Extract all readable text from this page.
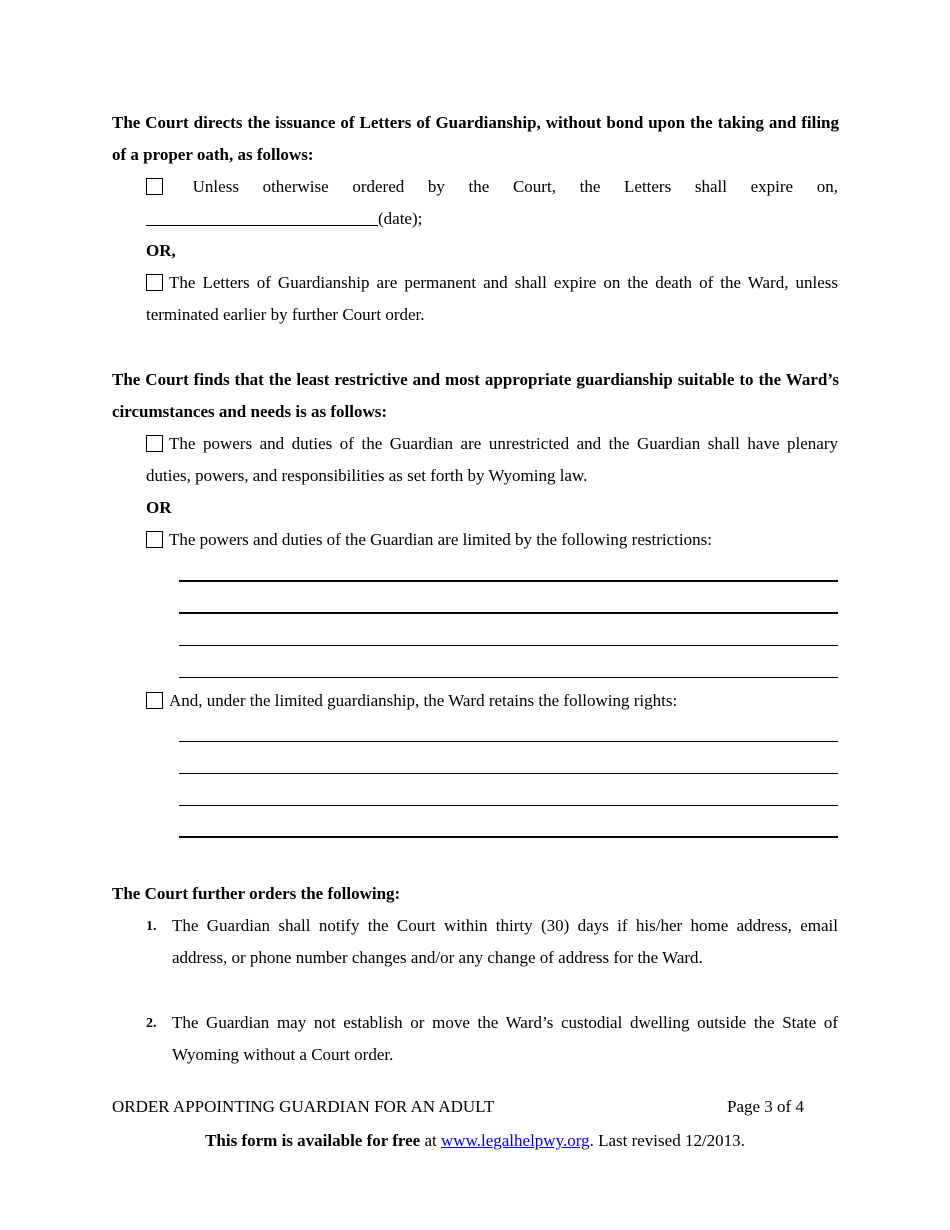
The Court directs the issuance of Letters of Guardianship, without bond upon the taking and filing of a proper oath, as follows:
Unless otherwise ordered by the Court, the Letters shall expire on,
(date);
OR,
The Letters of Guardianship are permanent and shall expire on the death of the Ward, unless terminated earlier by further Court order.
The Court finds that the least restrictive and most appropriate guardianship suitable to the Ward’s circumstances and needs is as follows:
The powers and duties of the Guardian are unrestricted and the Guardian shall have plenary duties, powers, and responsibilities as set forth by Wyoming law.
OR
The powers and duties of the Guardian are limited by the following restrictions:
And, under the limited guardianship, the Ward retains the following rights:
The Court further orders the following:
1. The Guardian shall notify the Court within thirty (30) days if his/her home address, email address, or phone number changes and/or any change of address for the Ward.
2. The Guardian may not establish or move the Ward’s custodial dwelling outside the State of Wyoming without a Court order.
ORDER APPOINTING GUARDIAN FOR AN ADULT	Page 3 of 4
This form is available for free at www.legalhelpwy.org. Last revised 12/2013.
